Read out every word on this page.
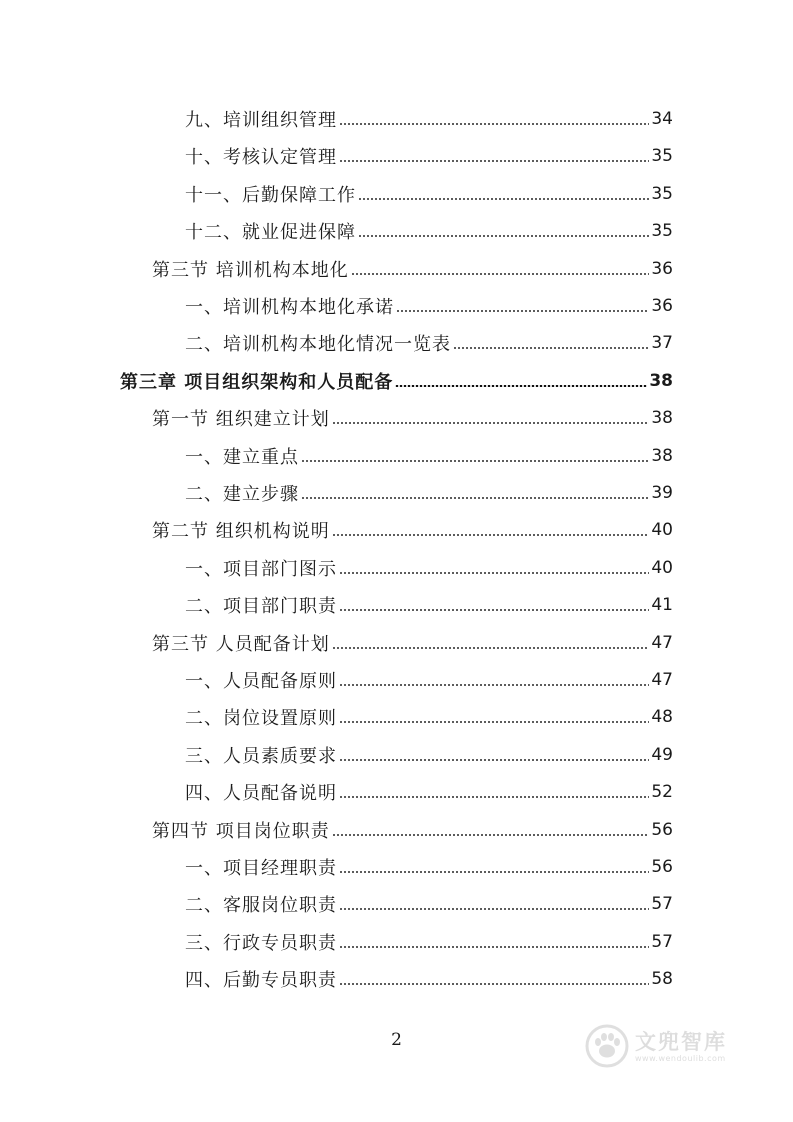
九、培训组织管理	34
十、考核认定管理	35
十一、后勤保障工作	35
十二、就业促进保障	35
第三节 培训机构本地化	36
一、培训机构本地化承诺	36
二、培训机构本地化情况一览表	37
第三章 项目组织架构和人员配备	38
第一节 组织建立计划	38
一、建立重点	38
二、建立步骤	39
第二节 组织机构说明	40
一、项目部门图示	40
二、项目部门职责	41
第三节 人员配备计划	47
一、人员配备原则	47
二、岗位设置原则	48
三、人员素质要求	49
四、人员配备说明	52
第四节 项目岗位职责	56
一、项目经理职责	56
二、客服岗位职责	57
三、行政专员职责	57
四、后勤专员职责	58
2	文兜智库
www.wendoulib.com
